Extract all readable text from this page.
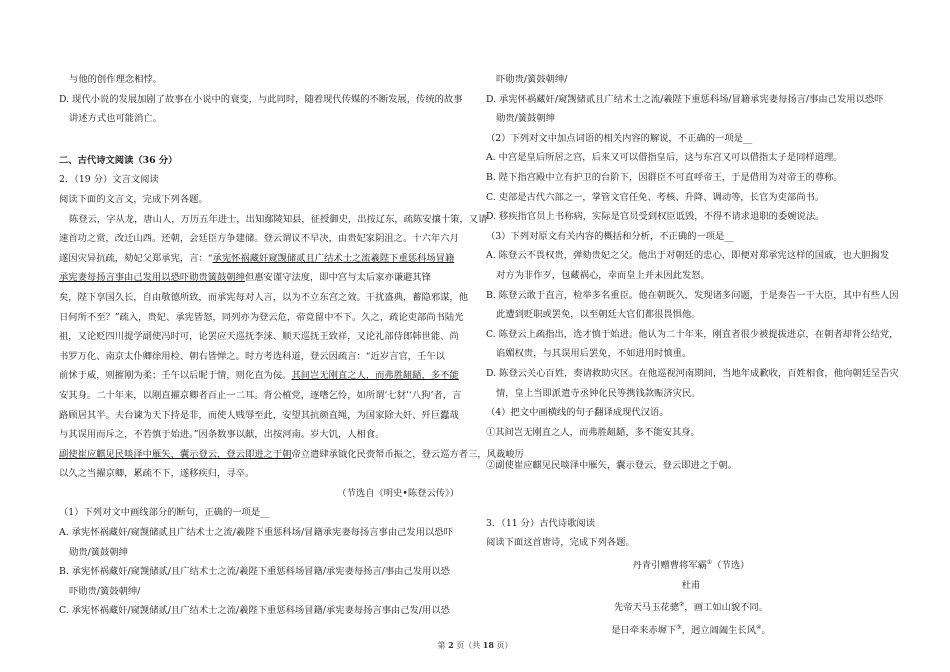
与他的创作理念相悖。
D. 现代小说的发展加剧了故事在小说中的衰变，与此同时，随着现代传媒的不断发展，传统的故事
讲述方式也可能消亡。
二、古代诗文阅读（36 分）
2．（19 分）文言文阅读
阅读下面的文言文，完成下列各题。
陈登云，字从龙，唐山人，万历五年进士，出知鄢陵知县，征授御史，出按辽东，疏陈安攘十策，又请
速首功之赏，改迁山西。还朝，会廷臣方争建储。登云谓议不早决，由贵妃家阴沮之。十六年六月
遂因灾异抗疏，劾妃父郑承宪，言：“承宪怀祸藏奸窥觊储贰且广结术士之流羲陛下重惩科场冒籍
承宪妻每扬言事由己发用以恐吓勋贵簧鼓朝绅但惠安谨守法度，即中宫与太后家亦谦避其锋
矣，陛下享国久长，自由敬德所致，而承宪每对人言，以为不立东宫之效。干扰盛典，蓄隐邪谋，他
日何所不至？”疏入，贵妃、承宪皆怒，同列亦为登云危，帝竟留中不下。久之，疏论吏部尚书陆光
祖，又论贬四川提学副使冯时可，论罢应天巡抚李涞、顺天巡抚王致祥，又论礼部侍郎韩世能、尚
书罗万化、南京太仆卿徐用检、朝右皆惮之。时方考选科道，登云因疏言：“近岁言官，壬午以
前怵于威，则摧刚为柔；壬午以后昵于情，则化直为佞。其间岂无刚直之人，而弗胜龃龉，多不能
安其身。二十年来，以刚直擢京卿者百止一二耳。背公植党，逐嗜乞怜，如所谓‘七豺’‘八狗’者，言
路顾居其半。夫台谏为天下持是非，而使人贱辱至此，安望其抗颜直绳，为国家除大奸、歼巨蠹哉
与其误用而斥之，不若慎于始进。”因条数事以献，出按河南。岁大饥，人相食。
副使崔应麒见民啖泽中雁矢，囊示登云，登云即进之于朝帝立遣肆承钺化民赍帑币振之，登云巡方者三，风裁峻厉
以久之当擢京卿，累疏不下，遂移疾归，寻卒。
（节选自《明史•陈登云传》）
（1）下列对文中画线部分的断句，正确的一项是__
A. 承宪怀祸藏奸/窥觊储贰且广结术士之流/羲陛下重惩科场/冒籍承宪妻每扬言事由己发用以恐吓
勋贵/簧鼓朝绅
B. 承宪怀祸藏奸/窥觊储贰/且广结术士之流/羲陛下重惩科场冒籍/承宪妻每扬言/事由己发用以恐
吓勋贵/簧鼓朝绅/
C. 承宪怀祸藏奸/窥觊储贰/且广结术士之流/羲陛下重惩科场冒籍/承宪妻每扬言事由己发/用以恐
吓勋贵/簧鼓朝绅/
D. 承宪怀祸藏奸/窥觊储贰且广结术士之流/羲陛下重惩科场/冒籍承宪妻每扬言/事由己发用以恐吓
勋贵/簧鼓朝绅
（2）下列对文中加点词语的相关内容的解说，不正确的一项是__
A. 中宫是皇后所居之宫，后来又可以借指皇后，这与东宫又可以借指太子是同样道理。
B. 陛下指宫殿中立有护卫的台阶下，因群臣不可直呼帝王，于是借用为对帝王的尊称。
C. 吏部是古代六部之一，掌管文官任免、考核、升降、调动等，长官为吏部尚书。
D. 移疾指官员上书称病，实际是官员受到权臣诋毁，不得不请求退职的委婉说法。
（3）下列对原文有关内容的概括和分析，不正确的一项是__
A. 陈登云不畏权贵，弹劾贵妃之父。他出于对朝廷的忠心，即便对郑承宪这样的国戚，也大胆揭发
对方为非作歹，包藏祸心，幸而皇上并未因此发怒。
B. 陈登云敢于直言，检举多名重臣。他在朝既久，发现诸多问题，于是奏告一干大臣，其中有些人因
此遭到贬职或罢免，以至朝廷大官们都很畏惧他。
C. 陈登云上疏指出，选才慎于始进。他认为二十年来，刚直者很少被提拔进京，在朝者却背公结党，
谄媚权贵，与其误用后罢免，不如进用时慎重。
D. 陈登云关心百姓，奏请救助灾区。在他巡视河南期间，当地年成歉收，百姓相食，他向朝廷呈告灾
情，皇上当即派遣寺丞钟化民等携钱款赈济灾民。
（4）把文中画横线的句子翻译成现代汉语。
①其间岂无刚直之人，而弗胜龃龉，多不能安其身。
②副使崔应麒见民啖泽中雁矢，囊示登云，登云即进之于朝。
3．（11 分）古代诗歌阅读
阅读下面这首唐诗，完成下列各题。
丹青引赠曹将军霸①（节选）
杜甫
先帝天马玉花骢②，画工如山貌不同。
是日牵来赤墀下③，迥立阊阖生长风④。
第 2 页（共 18 页）
